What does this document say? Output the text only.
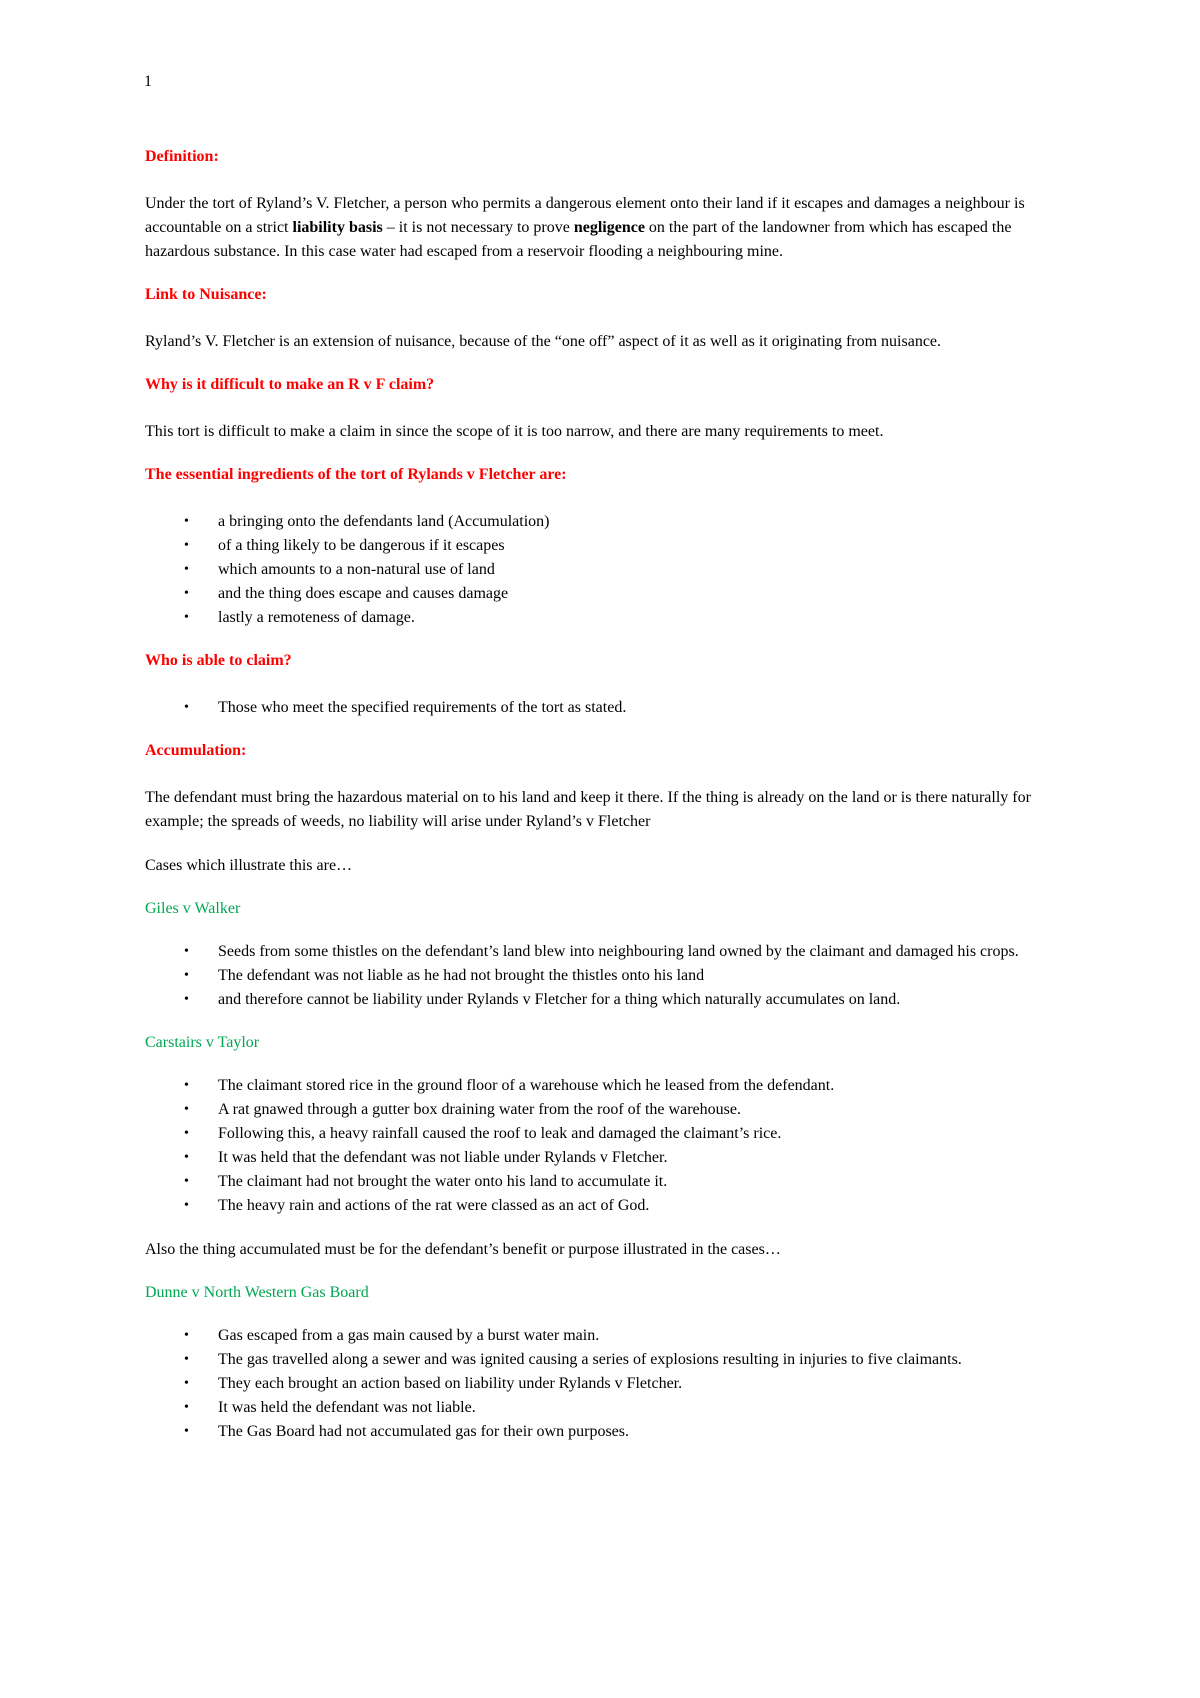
1
Definition:

Under the tort of Ryland’s V. Fletcher, a person who permits a dangerous element onto their land if it escapes and damages a neighbour is accountable on a strict liability basis – it is not necessary to prove negligence on the part of the landowner from which has escaped the hazardous substance. In this case water had escaped from a reservoir flooding a neighbouring mine.

Link to Nuisance:

Ryland’s V. Fletcher is an extension of nuisance, because of the “one off” aspect of it as well as it originating from nuisance.

Why is it difficult to make an R v F claim?

This tort is difficult to make a claim in since the scope of it is too narrow, and there are many requirements to meet.

The essential ingredients of the tort of Rylands v Fletcher are:
• a bringing onto the defendants land (Accumulation)
• of a thing likely to be dangerous if it escapes
• which amounts to a non-natural use of land
• and the thing does escape and causes damage
• lastly a remoteness of damage.
Who is able to claim?
• Those who meet the specified requirements of the tort as stated.
Accumulation:

The defendant must bring the hazardous material on to his land and keep it there. If the thing is already on the land or is there naturally for example; the spreads of weeds, no liability will arise under Ryland’s v Fletcher

Cases which illustrate this are…

Giles v Walker
• Seeds from some thistles on the defendant’s land blew into neighbouring land owned by the claimant and damaged his crops.
• The defendant was not liable as he had not brought the thistles onto his land
• and therefore cannot be liability under Rylands v Fletcher for a thing which naturally accumulates on land.
Carstairs v Taylor
• The claimant stored rice in the ground floor of a warehouse which he leased from the defendant.
• A rat gnawed through a gutter box draining water from the roof of the warehouse.
• Following this, a heavy rainfall caused the roof to leak and damaged the claimant’s rice.
• It was held that the defendant was not liable under Rylands v Fletcher.
• The claimant had not brought the water onto his land to accumulate it.
• The heavy rain and actions of the rat were classed as an act of God.

Also the thing accumulated must be for the defendant’s benefit or purpose illustrated in the cases…

Dunne v North Western Gas Board
• Gas escaped from a gas main caused by a burst water main.
• The gas travelled along a sewer and was ignited causing a series of explosions resulting in injuries to five claimants.
• They each brought an action based on liability under Rylands v Fletcher.
• It was held the defendant was not liable.
• The Gas Board had not accumulated gas for their own purposes.
